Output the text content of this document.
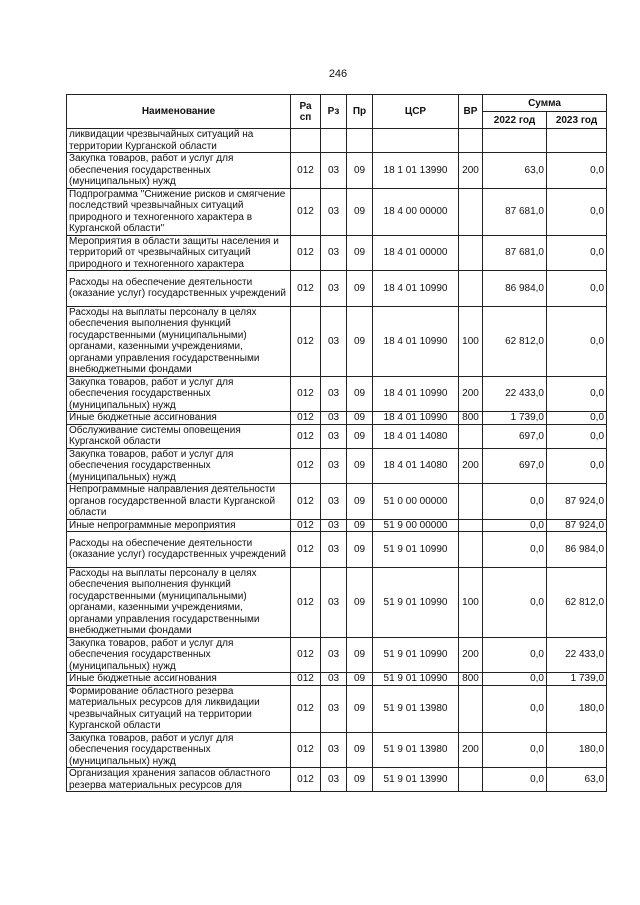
246
Наименование	Ра сп	Рз	Пр	ЦСР	ВР	Сумма	
						2022 год	2023 год
ликвидации чрезвычайных ситуаций на территории Курганской области							
Закупка товаров, работ и услуг для обеспечения государственных (муниципальных) нужд	012	03	09	18 1 01 13990	200	63,0	0,0
Подпрограмма "Снижение рисков и смягчение последствий чрезвычайных ситуаций природного и техногенного характера в Курганской области"	012	03	09	18 4 00 00000		87 681,0	0,0
Мероприятия в области защиты населения и территорий от чрезвычайных ситуаций природного и техногенного характера	012	03	09	18 4 01 00000		87 681,0	0,0
Расходы на обеспечение деятельности (оказание услуг) государственных учреждений	012	03	09	18 4 01 10990		86 984,0	0,0
Расходы на выплаты персоналу в целях обеспечения выполнения функций государственными (муниципальными) органами, казенными учреждениями, органами управления государственными внебюджетными фондами	012	03	09	18 4 01 10990	100	62 812,0	0,0
Закупка товаров, работ и услуг для обеспечения государственных (муниципальных) нужд	012	03	09	18 4 01 10990	200	22 433,0	0,0
Иные бюджетные ассигнования	012	03	09	18 4 01 10990	800	1 739,0	0,0
Обслуживание системы оповещения Курганской области	012	03	09	18 4 01 14080		697,0	0,0
Закупка товаров, работ и услуг для обеспечения государственных (муниципальных) нужд	012	03	09	18 4 01 14080	200	697,0	0,0
Непрограммные направления деятельности органов государственной власти Курганской области	012	03	09	51 0 00 00000		0,0	87 924,0
Иные непрограммные мероприятия	012	03	09	51 9 00 00000		0,0	87 924,0
Расходы на обеспечение деятельности (оказание услуг) государственных учреждений	012	03	09	51 9 01 10990		0,0	86 984,0
Расходы на выплаты персоналу в целях обеспечения выполнения функций государственными (муниципальными) органами, казенными учреждениями, органами управления государственными внебюджетными фондами	012	03	09	51 9 01 10990	100	0,0	62 812,0
Закупка товаров, работ и услуг для обеспечения государственных (муниципальных) нужд	012	03	09	51 9 01 10990	200	0,0	22 433,0
Иные бюджетные ассигнования	012	03	09	51 9 01 10990	800	0,0	1 739,0
Формирование областного резерва материальных ресурсов для ликвидации чрезвычайных ситуаций на территории Курганской области	012	03	09	51 9 01 13980		0,0	180,0
Закупка товаров, работ и услуг для обеспечения государственных (муниципальных) нужд	012	03	09	51 9 01 13980	200	0,0	180,0
Организация хранения запасов областного резерва материальных ресурсов для	012	03	09	51 9 01 13990		0,0	63,0
